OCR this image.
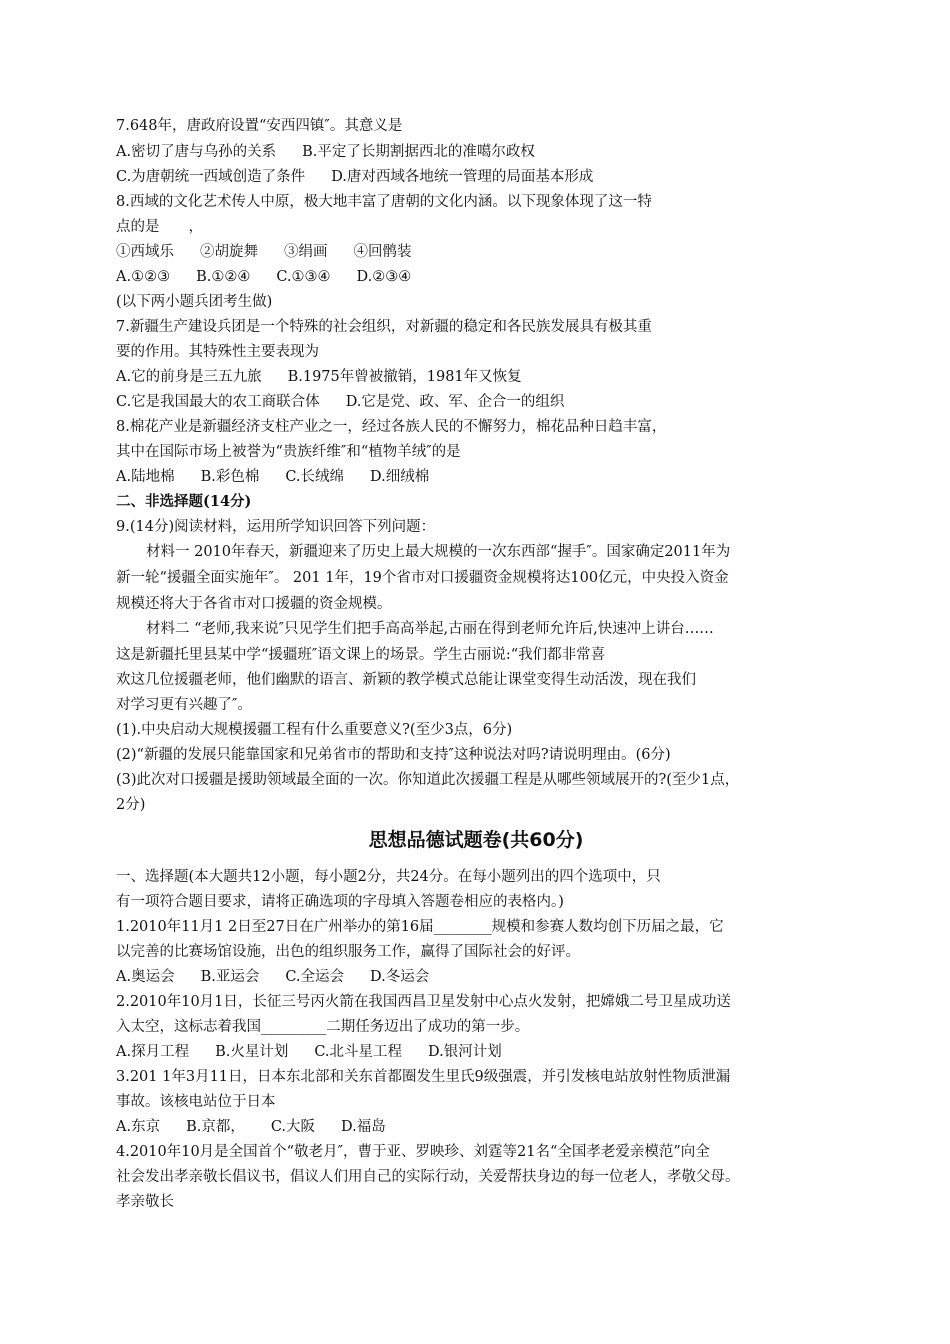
7.648年，唐政府设置“安西四镇″。其意义是
A.密切了唐与乌孙的关系 B.平定了长期割据西北的准噶尔政权
C.为唐朝统一西域创造了条件 D.唐对西域各地统一管理的局面基本形成
8.西域的文化艺术传人中原，极大地丰富了唐朝的文化内涵。以下现象体现了这一特
点的是　　，
①西域乐 ②胡旋舞 ③绢画 ④回鹘装
A.①②③ B.①②④ C.①③④ D.②③④
(以下两小题兵团考生做)
7.新疆生产建设兵团是一个特殊的社会组织，对新疆的稳定和各民族发展具有极其重
要的作用。其特殊性主要表现为
A.它的前身是三五九旅 B.1975年曾被撤销，1981年又恢复
C.它是我国最大的农工商联合体 D.它是党、政、军、企合一的组织
8.棉花产业是新疆经济支柱产业之一，经过各族人民的不懈努力，棉花品种日趋丰富，
其中在国际市场上被誉为“贵族纤维″和“植物羊绒″的是
A.陆地棉 B.彩色棉 C.长绒绵 D.细绒棉
二、非选择题(14分)
9.(14分)阅读材料，运用所学知识回答下列问题：
材料一 2010年春天，新疆迎来了历史上最大规模的一次东西部“握手″。国家确定2011年为
新一轮“援疆全面实施年″。 201 1年，19个省市对口援疆资金规模将达100亿元，中央投入资金
规模还将大于各省市对口援疆的资金规模。
材料二 “老师,我来说″只见学生们把手高高举起,古丽在得到老师允许后,快速冲上讲台……
这是新疆托里县某中学“援疆班″语文课上的场景。学生古丽说:“我们都非常喜
欢这几位援疆老师，他们幽默的语言、新颖的教学模式总能让课堂变得生动活泼，现在我们
对学习更有兴趣了″。
(1).中央启动大规模援疆工程有什么重要意义?(至少3点，6分)
(2)“新疆的发展只能靠国家和兄弟省市的帮助和支持″这种说法对吗?请说明理由。(6分)
(3)此次对口援疆是援助领域最全面的一次。你知道此次援疆工程是从哪些领域展开的?(至少1点，
2分)
思想品德试题卷(共60分)
一、选择题(本大题共12小题，每小题2分，共24分。在每小题列出的四个选项中，只
有一项符合题目要求，请将正确选项的字母填入答题卷相应的表格内。)
1.2010年11月1 2日至27日在广州举办的第16届________规模和参赛人数均创下历届之最，它
以完善的比赛场馆设施，出色的组织服务工作，赢得了国际社会的好评。
A.奥运会 B.亚运会 C.全运会 D.冬运会
2.2010年10月1日，长征三号丙火箭在我国西昌卫星发射中心点火发射，把嫦娥二号卫星成功送
入太空，这标志着我国_________二期任务迈出了成功的第一步。
A.探月工程 B.火星计划 C.北斗星工程 D.银河计划
3.201 1年3月11日，日本东北部和关东首都圈发生里氏9级强震，并引发核电站放射性物质泄漏
事故。该核电站位于日本
A.东京 B.京都， C.大阪 D.福岛
4.2010年10月是全国首个“敬老月″，曹于亚、罗映珍、刘霆等21名“全国孝老爱亲模范”向全
社会发出孝亲敬长倡议书，倡议人们用自己的实际行动，关爱帮扶身边的每一位老人，孝敬父母。
孝亲敬长
